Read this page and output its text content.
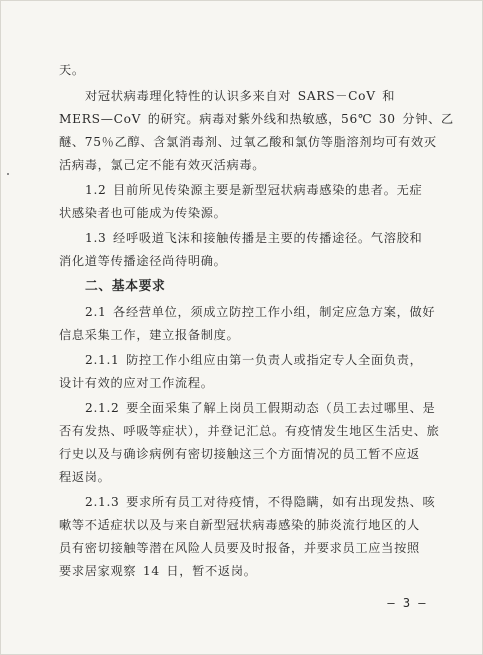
天。

对冠状病毒理化特性的认识多来自对 SARS－CoV 和

MERS—CoV 的研究。病毒对紫外线和热敏感，56℃ 30 分钟、乙

醚、75％乙醇、含氯消毒剂、过氧乙酸和氯仿等脂溶剂均可有效灭

活病毒，氯己定不能有效灭活病毒。

1.2 目前所见传染源主要是新型冠状病毒感染的患者。无症

状感染者也可能成为传染源。

1.3 经呼吸道飞沫和接触传播是主要的传播途径。气溶胶和

消化道等传播途径尚待明确。

二、基本要求

2.1 各经营单位，须成立防控工作小组，制定应急方案，做好

信息采集工作，建立报备制度。

2.1.1 防控工作小组应由第一负责人或指定专人全面负责，

设计有效的应对工作流程。

2.1.2 要全面采集了解上岗员工假期动态（员工去过哪里、是

否有发热、呼吸等症状），并登记汇总。有疫情发生地区生活史、旅

行史以及与确诊病例有密切接触这三个方面情况的员工暂不应返

程返岗。

2.1.3 要求所有员工对待疫情，不得隐瞒，如有出现发热、咳

嗽等不适症状以及与来自新型冠状病毒感染的肺炎流行地区的人

员有密切接触等潜在风险人员要及时报备，并要求员工应当按照

要求居家观察 14 日，暂不返岗。

— 3 —
